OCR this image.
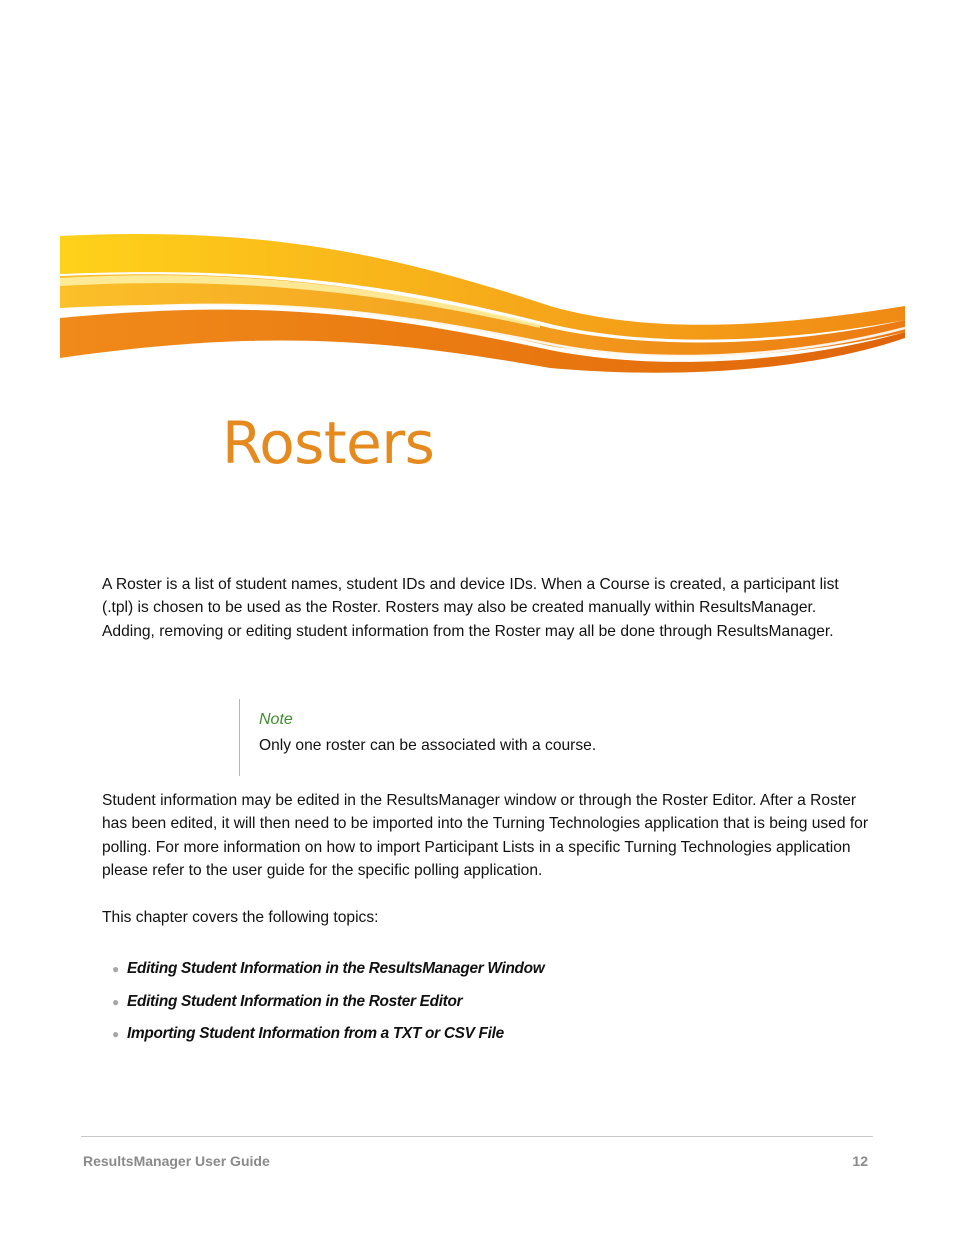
Rosters

A Roster is a list of student names, student IDs and device IDs. When a Course is created, a participant list (.tpl) is chosen to be used as the Roster. Rosters may also be created manually within ResultsManager. Adding, removing or editing student information from the Roster may all be done through ResultsManager.

Note

Only one roster can be associated with a course.

Student information may be edited in the ResultsManager window or through the Roster Editor. After a Roster has been edited, it will then need to be imported into the Turning Technologies application that is being used for polling. For more information on how to import Participant Lists in a specific Turning Technologies application please refer to the user guide for the specific polling application.

This chapter covers the following topics:

● Editing Student Information in the ResultsManager Window
● Editing Student Information in the Roster Editor
● Importing Student Information from a TXT or CSV File
ResultsManager User Guide	12
